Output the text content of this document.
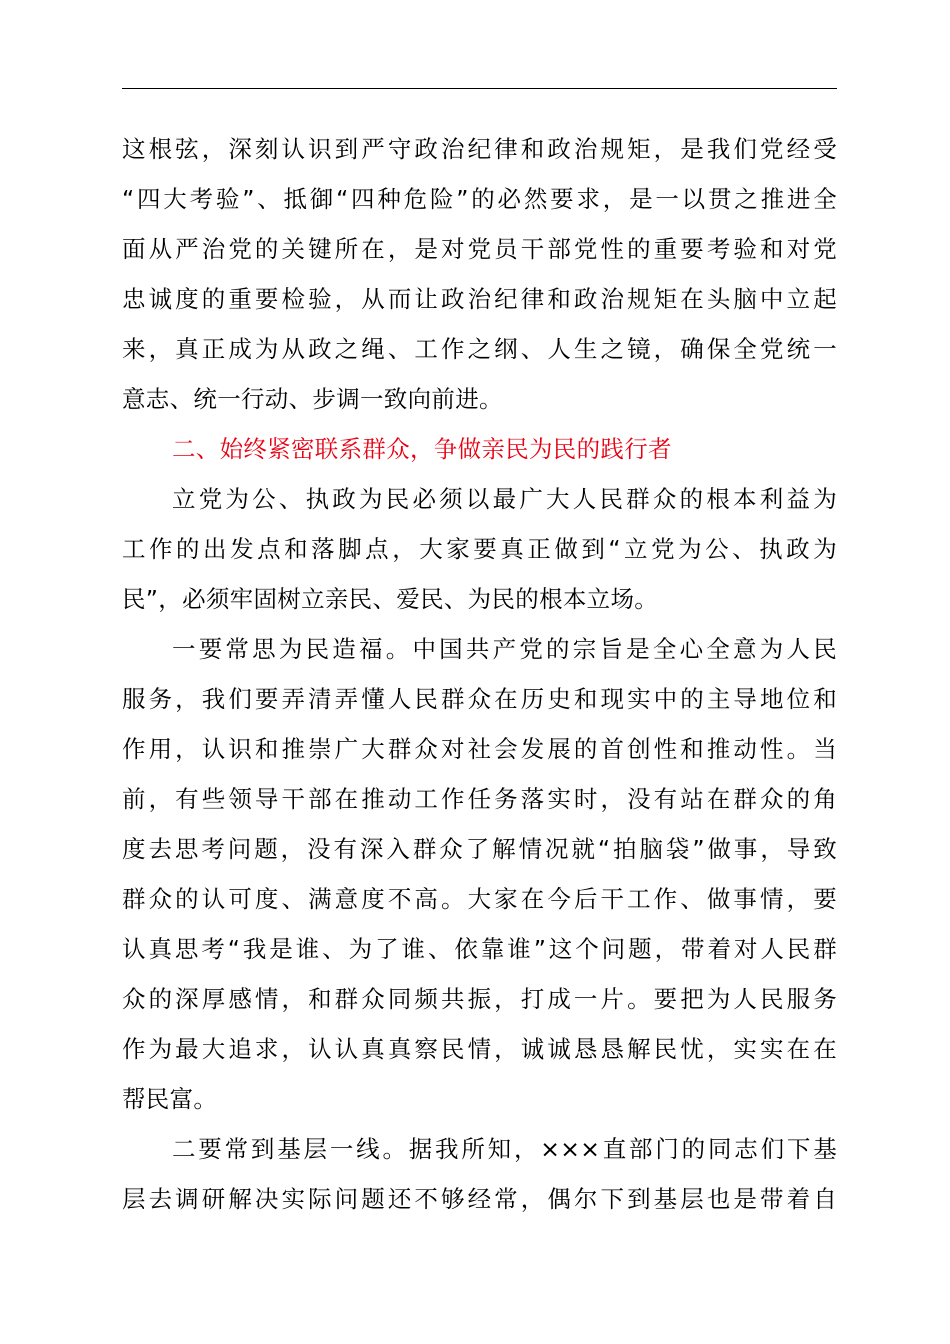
这根弦，深刻认识到严守政治纪律和政治规矩，是我们党经受
“四大考验”、抵御“四种危险”的必然要求，是一以贯之推进全
面从严治党的关键所在，是对党员干部党性的重要考验和对党
忠诚度的重要检验，从而让政治纪律和政治规矩在头脑中立起
来，真正成为从政之绳、工作之纲、人生之镜，确保全党统一
意志、统一行动、步调一致向前进。
二、始终紧密联系群众，争做亲民为民的践行者
立党为公、执政为民必须以最广大人民群众的根本利益为
工作的出发点和落脚点，大家要真正做到“立党为公、执政为
民”，必须牢固树立亲民、爱民、为民的根本立场。
一要常思为民造福。中国共产党的宗旨是全心全意为人民
服务，我们要弄清弄懂人民群众在历史和现实中的主导地位和
作用，认识和推崇广大群众对社会发展的首创性和推动性。当
前，有些领导干部在推动工作任务落实时，没有站在群众的角
度去思考问题，没有深入群众了解情况就“拍脑袋”做事，导致
群众的认可度、满意度不高。大家在今后干工作、做事情，要
认真思考“我是谁、为了谁、依靠谁”这个问题，带着对人民群
众的深厚感情，和群众同频共振，打成一片。要把为人民服务
作为最大追求，认认真真察民情，诚诚恳恳解民忧，实实在在
帮民富。
二要常到基层一线。据我所知，×××直部门的同志们下基
层去调研解决实际问题还不够经常，偶尔下到基层也是带着自
